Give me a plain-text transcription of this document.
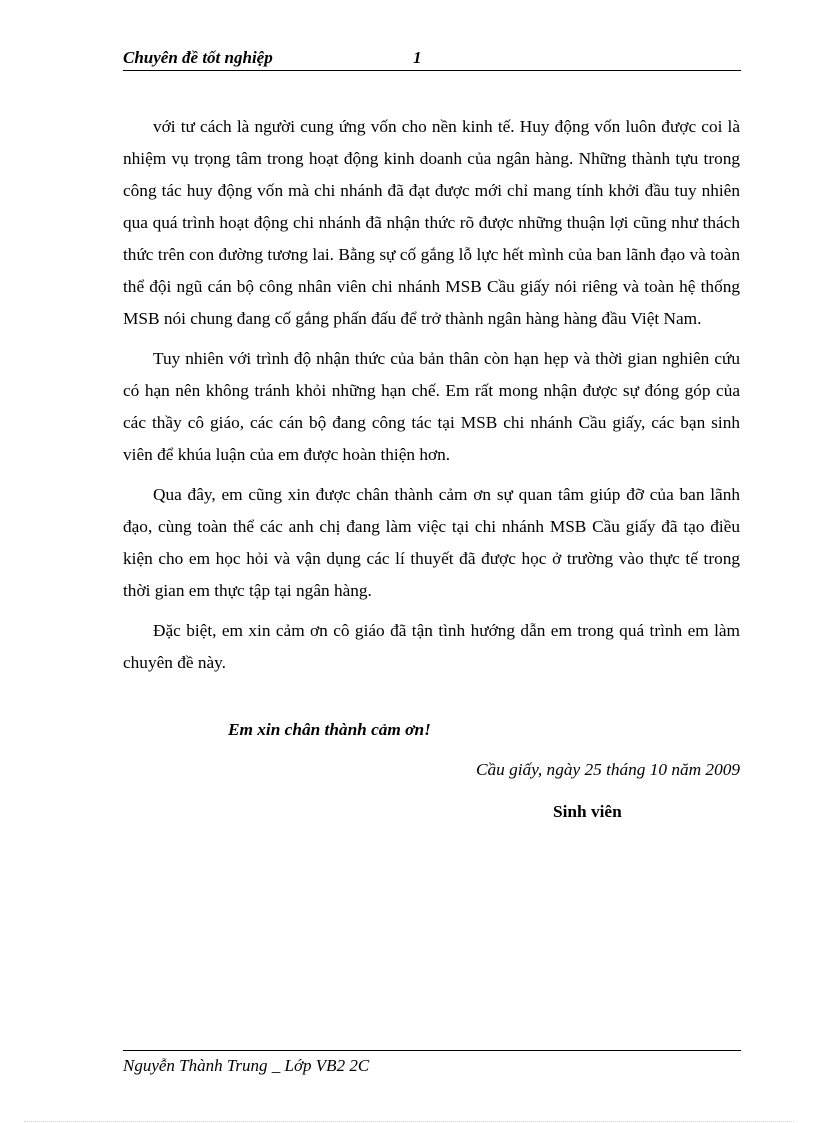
Chuyên đề tốt nghiệp	1

với tư cách là người cung ứng vốn cho nền kinh tế. Huy động vốn luôn được coi là nhiệm vụ trọng tâm trong hoạt động kinh doanh của ngân hàng. Những thành tựu trong công tác huy động vốn mà chi nhánh đã đạt được mới chỉ mang tính khởi đầu tuy nhiên qua quá trình hoạt động chi nhánh đã nhận thức rõ được những thuận lợi cũng như thách thức trên con đường tương lai. Bằng sự cố gắng lỗ lực hết mình của ban lãnh đạo và toàn thể đội ngũ cán bộ công nhân viên chi nhánh MSB Cầu giấy nói riêng và toàn hệ thống MSB nói chung đang cố gắng phấn đấu để trở thành ngân hàng hàng đầu Việt Nam.

Tuy nhiên với trình độ nhận thức của bản thân còn hạn hẹp và thời gian nghiên cứu có hạn nên không tránh khỏi những hạn chế. Em rất mong nhận được sự đóng góp của các thầy cô giáo, các cán bộ đang công tác tại MSB chi nhánh Cầu giấy, các bạn sinh viên để khúa luận của em được hoàn thiện hơn.

Qua đây, em cũng xin được chân thành cảm ơn sự quan tâm giúp đỡ của ban lãnh đạo, cùng toàn thể các anh chị đang làm việc tại chi nhánh MSB Cầu giấy đã tạo điều kiện cho em học hỏi và vận dụng các lí thuyết đã được học ở trường vào thực tế trong thời gian em thực tập tại ngân hàng.

Đặc biệt, em xin cảm ơn cô giáo đã tận tình hướng dẫn em trong quá trình em làm chuyên đề này.

Em xin chân thành cảm ơn!
Cầu giấy, ngày 25 tháng 10 năm 2009
Sinh viên
Nguyễn Thành Trung _ Lớp VB2 2C
